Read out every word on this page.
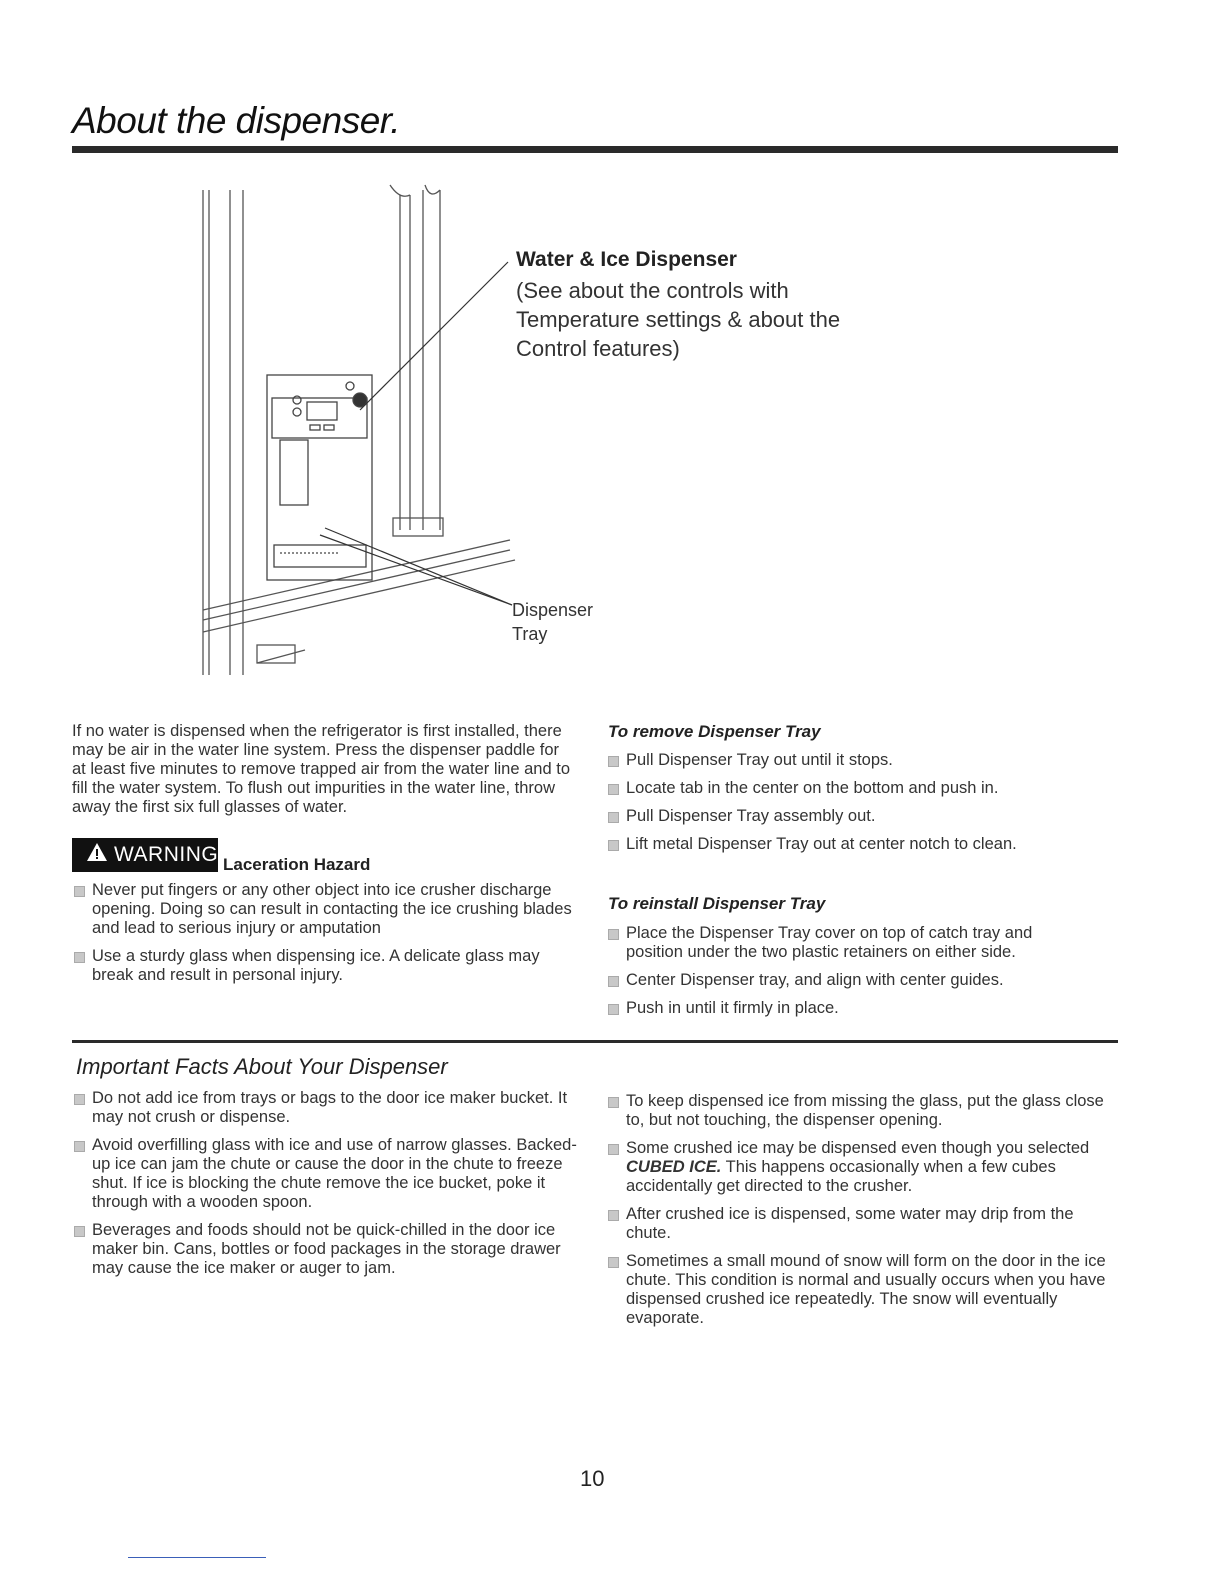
About the dispenser.
Water & Ice Dispenser
(See about the controls with
Temperature settings & about the
Control features)
Dispenser
Tray
If no water is dispensed when the refrigerator is first installed, there may be air in the water line system. Press the dispenser paddle for at least five minutes to remove trapped air from the water line and to fill the water system. To flush out impurities in the water line, throw away the first six full glasses of water.
WARNING Laceration Hazard
Never put fingers or any other object into ice crusher discharge opening. Doing so can result in contacting the ice crushing blades and lead to serious injury or amputation
Use a sturdy glass when dispensing ice. A delicate glass may break and result in personal injury.
To remove Dispenser Tray
Pull Dispenser Tray out until it stops.
Locate tab in the center on the bottom and push in.
Pull Dispenser Tray assembly out.
Lift metal Dispenser Tray out at center notch to clean.
To reinstall Dispenser Tray
Place the Dispenser Tray cover on top of catch tray and position under the two plastic retainers on either side.
Center Dispenser tray, and align with center guides.
Push in until it firmly in place.
Important Facts About Your Dispenser
Do not add ice from trays or bags to the door ice maker bucket. It may not crush or dispense.
Avoid overfilling glass with ice and use of narrow glasses. Backed-up ice can jam the chute or cause the door in the chute to freeze shut. If ice is blocking the chute remove the ice bucket, poke it through with a wooden spoon.
Beverages and foods should not be quick-chilled in the door ice maker bin. Cans, bottles or food packages in the storage drawer may cause the ice maker or auger to jam.
To keep dispensed ice from missing the glass, put the glass close to, but not touching, the dispenser opening.
Some crushed ice may be dispensed even though you selected CUBED ICE. This happens occasionally when a few cubes accidentally get directed to the crusher.
After crushed ice is dispensed, some water may drip from the chute.
Sometimes a small mound of snow will form on the door in the ice chute. This condition is normal and usually occurs when you have dispensed crushed ice repeatedly. The snow will eventually evaporate.
10
